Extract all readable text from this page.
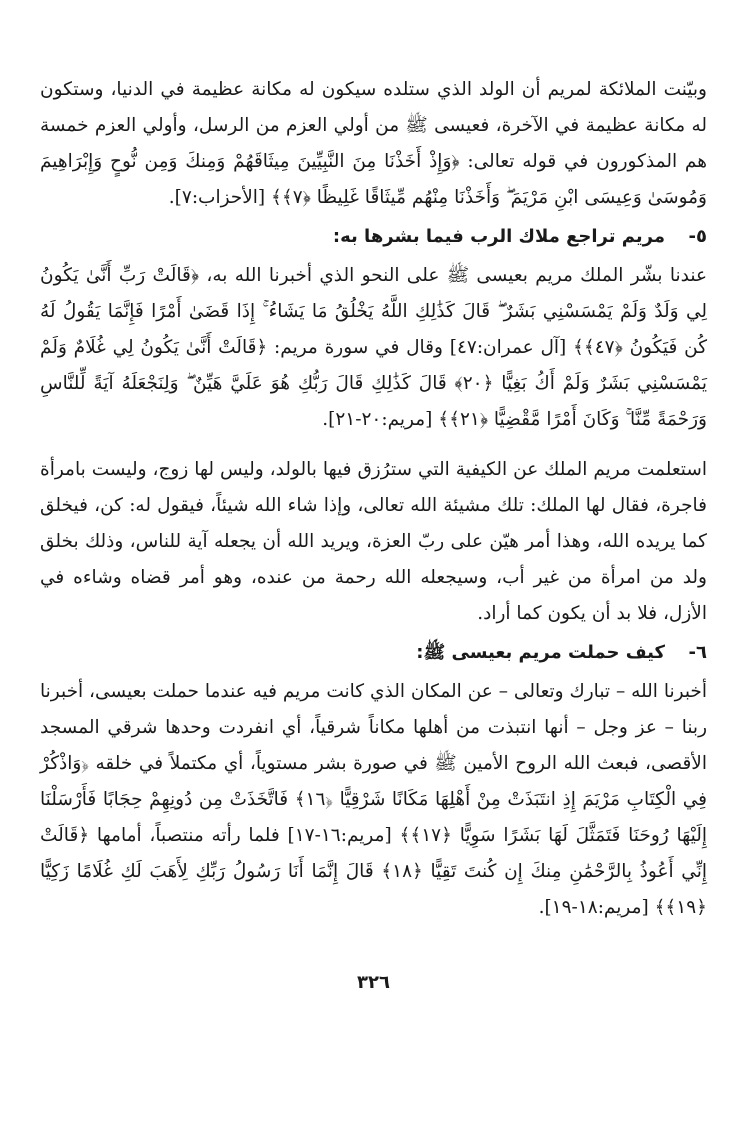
وبيّنت الملائكة لمريم أن الولد الذي ستلده سيكون له مكانة عظيمة في الدنيا، وستكون له مكانة عظيمة في الآخرة، فعيسى ﷺ من أولي العزم من الرسل، وأولي العزم خمسة هم المذكورون في قوله تعالى: ﴿وَإِذْ أَخَذْنَا مِنَ النَّبِيِّينَ مِيثَاقَهُمْ وَمِنكَ وَمِن نُّوحٍ وَإِبْرَاهِيمَ وَمُوسَىٰ وَعِيسَى ابْنِ مَرْيَمَ ۖ وَأَخَذْنَا مِنْهُم مِّيثَاقًا غَلِيظًا ﴿٧﴾﴾ [الأحزاب:٧].

٥-
مريم تراجع ملاك الرب فيما بشرها به:

عندنا بشّر الملك مريم بعيسى ﷺ على النحو الذي أخبرنا الله به، ﴿قَالَتْ رَبِّ أَنَّىٰ يَكُونُ لِي وَلَدٌ وَلَمْ يَمْسَسْنِي بَشَرٌ ۖ قَالَ كَذَٰلِكِ اللَّهُ يَخْلُقُ مَا يَشَاءُ ۚ إِذَا قَضَىٰ أَمْرًا فَإِنَّمَا يَقُولُ لَهُ كُن فَيَكُونُ ﴿٤٧﴾﴾ [آل عمران:٤٧] وقال في سورة مريم: ﴿قَالَتْ أَنَّىٰ يَكُونُ لِي غُلَامٌ وَلَمْ يَمْسَسْنِي بَشَرٌ وَلَمْ أَكُ بَغِيًّا ﴿٢٠﴾ قَالَ كَذَٰلِكِ قَالَ رَبُّكِ هُوَ عَلَيَّ هَيِّنٌ ۖ وَلِنَجْعَلَهُ آيَةً لِّلنَّاسِ وَرَحْمَةً مِّنَّا ۚ وَكَانَ أَمْرًا مَّقْضِيًّا ﴿٢١﴾﴾ [مريم:٢٠-٢١].

استعلمت مريم الملك عن الكيفية التي سترُزق فيها بالولد، وليس لها زوج، وليست بامرأة فاجرة، فقال لها الملك: تلك مشيئة الله تعالى، وإذا شاء الله شيئاً، فيقول له: كن، فيخلق كما يريده الله، وهذا أمر هيّن على ربّ العزة، ويريد الله أن يجعله آية للناس، وذلك بخلق ولد من امرأة من غير أب، وسيجعله الله رحمة من عنده، وهو أمر قضاه وشاءه في الأزل، فلا بد أن يكون كما أراد.

٦-
كيف حملت مريم بعيسى ﷺ:

أخبرنا الله – تبارك وتعالى – عن المكان الذي كانت مريم فيه عندما حملت بعيسى، أخبرنا ربنا – عز وجل – أنها انتبذت من أهلها مكاناً شرقياً، أي انفردت وحدها شرقي المسجد الأقصى، فبعث الله الروح الأمين ﷺ في صورة بشر مستوياً، أي مكتملاً في خلقه ﴿وَاذْكُرْ فِي الْكِتَابِ مَرْيَمَ إِذِ انتَبَذَتْ مِنْ أَهْلِهَا مَكَانًا شَرْقِيًّا ﴿١٦﴾ فَاتَّخَذَتْ مِن دُونِهِمْ حِجَابًا فَأَرْسَلْنَا إِلَيْهَا رُوحَنَا فَتَمَثَّلَ لَهَا بَشَرًا سَوِيًّا ﴿١٧﴾﴾ [مريم:١٦-١٧] فلما رأته منتصباً، أمامها ﴿قَالَتْ إِنِّي أَعُوذُ بِالرَّحْمَٰنِ مِنكَ إِن كُنتَ تَقِيًّا ﴿١٨﴾ قَالَ إِنَّمَا أَنَا رَسُولُ رَبِّكِ لِأَهَبَ لَكِ غُلَامًا زَكِيًّا ﴿١٩﴾﴾ [مريم:١٨-١٩].

٣٢٦
